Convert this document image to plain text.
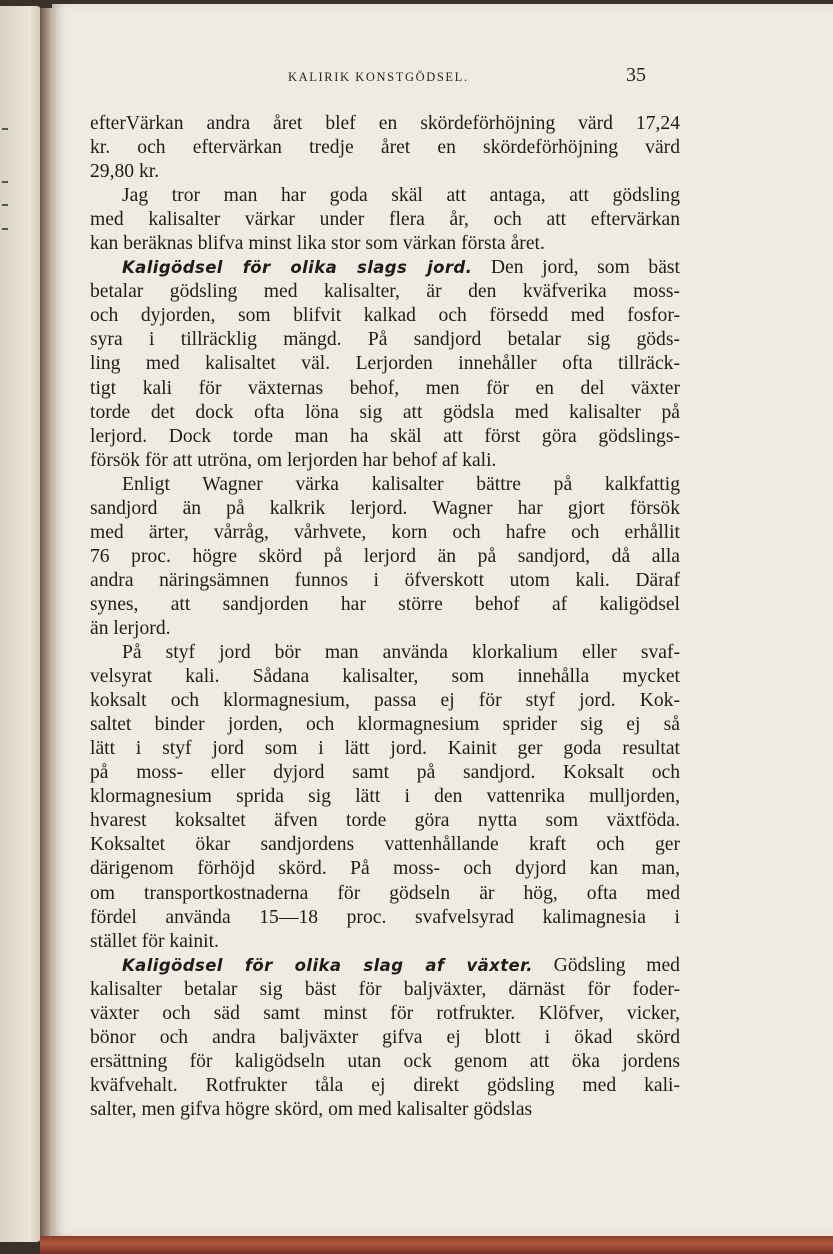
KALIRIK KONSTGÖDSEL.	35
efterVärkan andra året blef en skördeförhöjning värd 17,24
kr. och eftervärkan tredje året en skördeförhöjning värd
29,80 kr.
Jag tror man har goda skäl att antaga, att gödsling
med kalisalter värkar under flera år, och att eftervärkan
kan beräknas blifva minst lika stor som värkan första året.
Kaligödsel för olika slags jord. Den jord, som bäst
betalar gödsling med kalisalter, är den kväfverika moss-
och dyjorden, som blifvit kalkad och försedd med fosfor-
syra i tillräcklig mängd. På sandjord betalar sig göds-
ling med kalisaltet väl. Lerjorden innehåller ofta tillräck-
tigt kali för växternas behof, men för en del växter
torde det dock ofta löna sig att gödsla med kalisalter på
lerjord. Dock torde man ha skäl att först göra gödslings-
försök för att utröna, om lerjorden har behof af kali.
Enligt Wagner värka kalisalter bättre på kalkfattig
sandjord än på kalkrik lerjord. Wagner har gjort försök
med ärter, vårråg, vårhvete, korn och hafre och erhållit
76 proc. högre skörd på lerjord än på sandjord, då alla
andra näringsämnen funnos i öfverskott utom kali. Däraf
synes, att sandjorden har större behof af kaligödsel
än lerjord.
På styf jord bör man använda klorkalium eller svaf-
velsyrat kali. Sådana kalisalter, som innehålla mycket
koksalt och klormagnesium, passa ej för styf jord. Kok-
saltet binder jorden, och klormagnesium sprider sig ej så
lätt i styf jord som i lätt jord. Kainit ger goda resultat
på moss- eller dyjord samt på sandjord. Koksalt och
klormagnesium sprida sig lätt i den vattenrika mulljorden,
hvarest koksaltet äfven torde göra nytta som växtföda.
Koksaltet ökar sandjordens vattenhållande kraft och ger
därigenom förhöjd skörd. På moss- och dyjord kan man,
om transportkostnaderna för gödseln är hög, ofta med
fördel använda 15—18 proc. svafvelsyrad kalimagnesia i
stället för kainit.
Kaligödsel för olika slag af växter. Gödsling med
kalisalter betalar sig bäst för baljväxter, därnäst för foder-
växter och säd samt minst för rotfrukter. Klöfver, vicker,
bönor och andra baljväxter gifva ej blott i ökad skörd
ersättning för kaligödseln utan ock genom att öka jordens
kväfvehalt. Rotfrukter tåla ej direkt gödsling med kali-
salter, men gifva högre skörd, om med kalisalter gödslas
